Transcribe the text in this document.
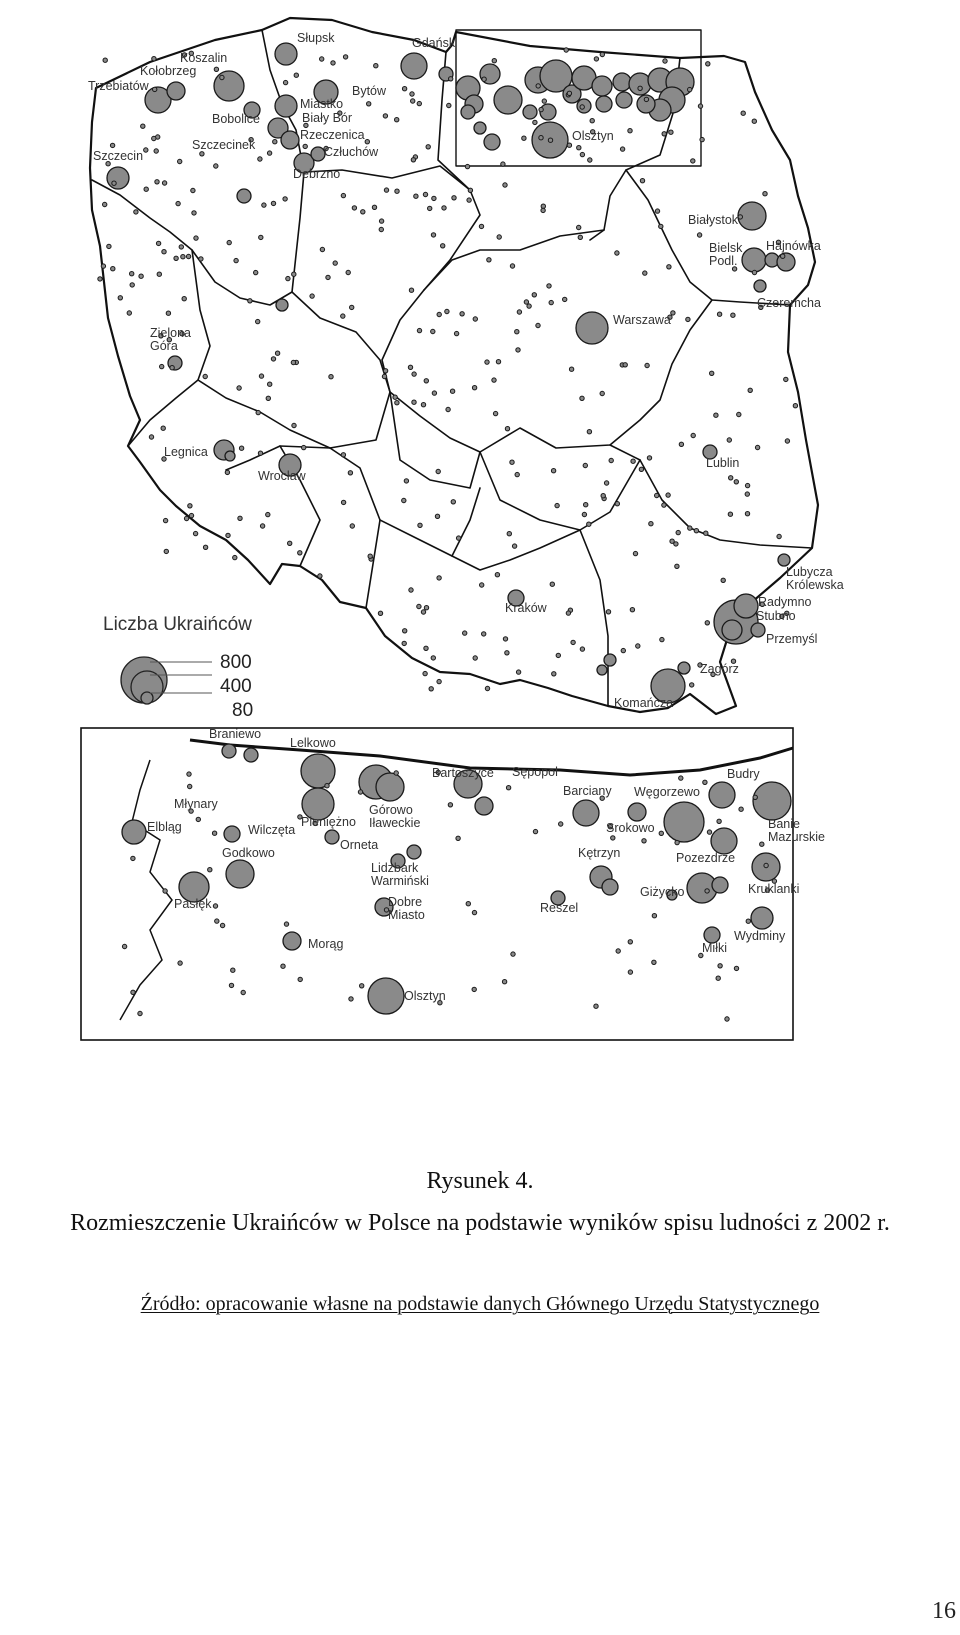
Słupsk	Gdańsk
Koszalin
Kołobrzeg
Trzebiatów	Bytów
Miastko
Bobolice	Biały Bór
Szczecinek
Rzeczenica
Człuchów
Szczecin
Debrzno
Olsztyn
Białystok
Bielsk Podl.
Hajnówka
Czeremcha
Warszawa
Zielona Góra
Legnica
Wrocław
Lublin
Lubycza Królewska
Radymno
Stubno
Przemyśl
Kraków
Zagórz
Komańcza
Braniewo
Lelkowo
Bartoszyce Sępopol	Budry
Barciany Węgorzewo
Młynary	Górowo Iławeckie
Pieniężno
Elbląg	Wilczęta	Srokowo	Banie Mazurskie
Orneta
Godkowo	Kętrzyn	Pozezdrze
Lidzbark Warmiński
Giżycko	Kruklanki
Pasłęk	Dobre Miasto	Reszel
Wydminy
Morąg	Miłki
Olsztyn
Liczba Ukraińców
800
400
80
Rysunek 4.
Rozmieszczenie Ukraińców w Polsce na podstawie wyników spisu ludności z 2002 r.
Źródło: opracowanie własne na podstawie danych Głównego Urzędu Statystycznego
16
